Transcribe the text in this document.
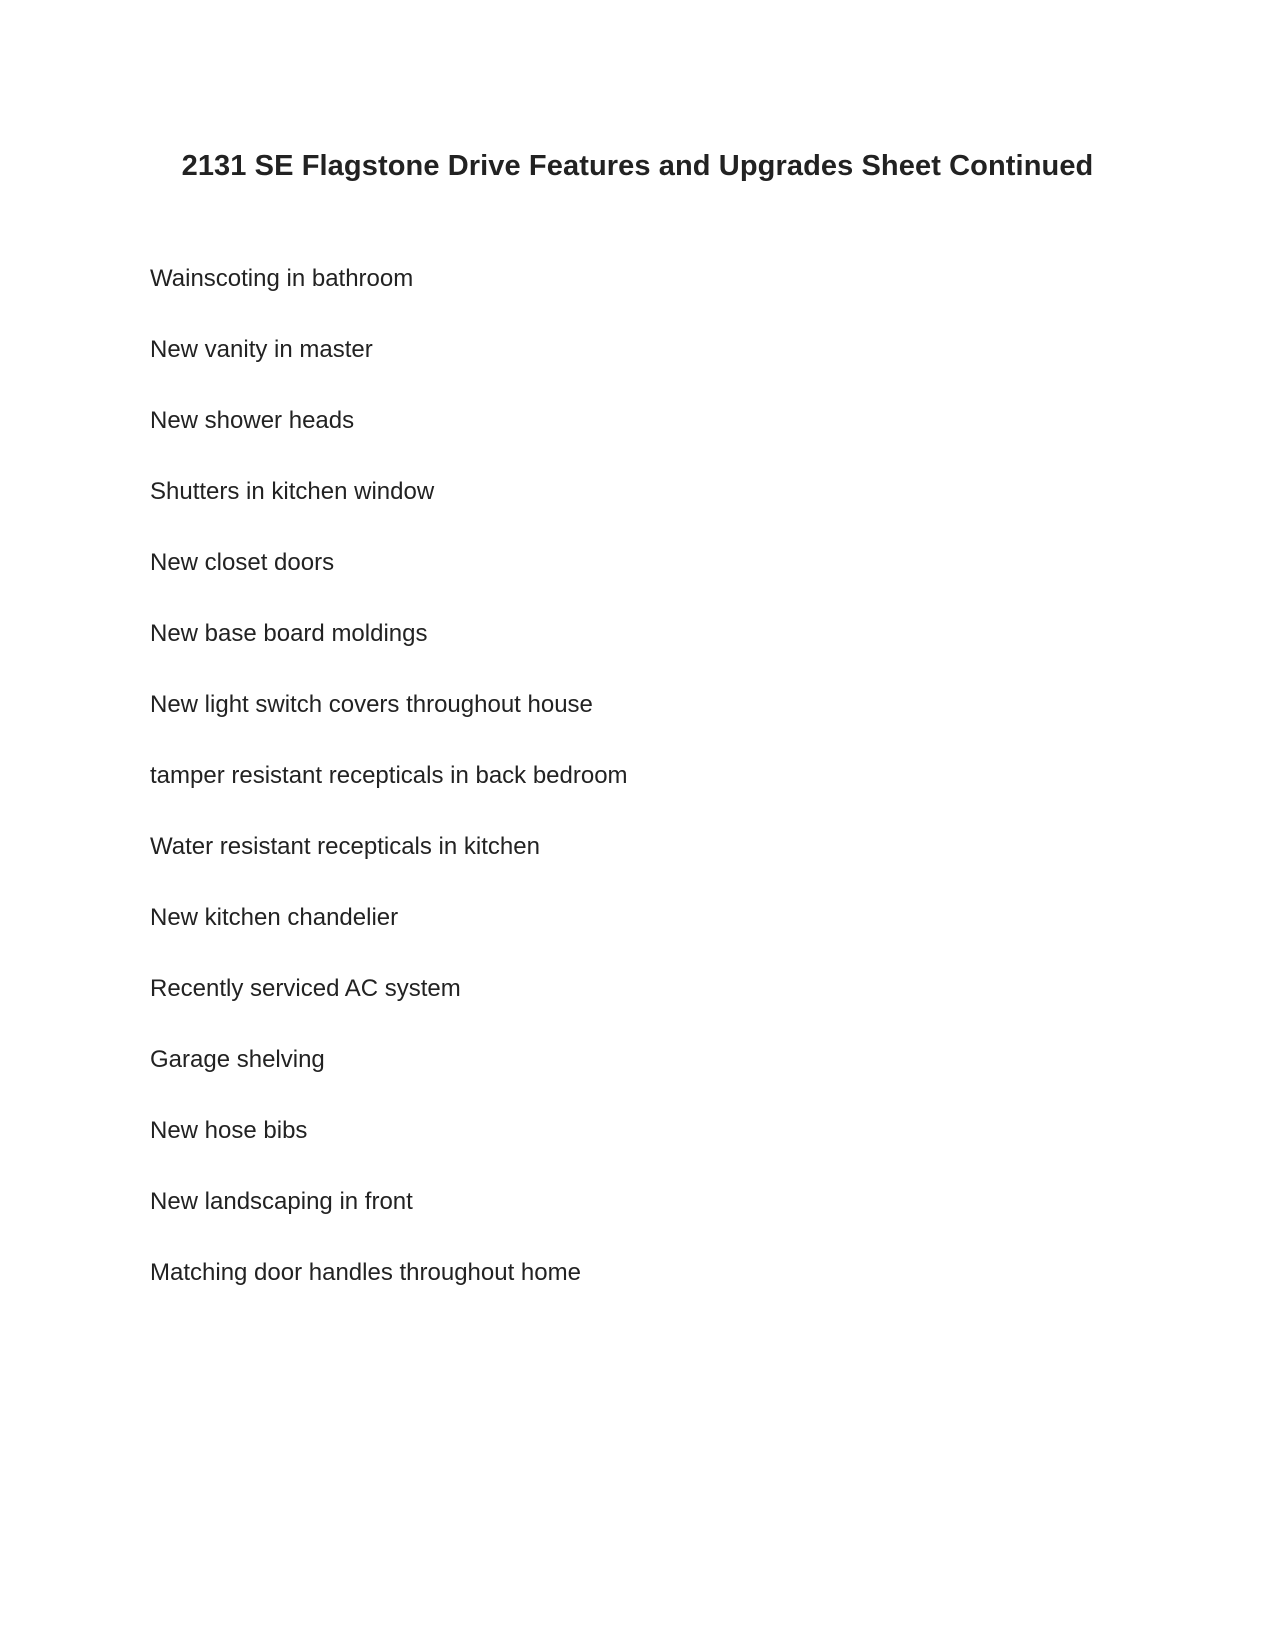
2131 SE Flagstone Drive Features and Upgrades Sheet Continued
Wainscoting in bathroom
New vanity in master
New shower heads
Shutters in kitchen window
New closet doors
New base board moldings
New light switch covers throughout house
tamper resistant recepticals in back bedroom
Water resistant recepticals in kitchen
New kitchen chandelier
Recently serviced AC system
Garage shelving
New hose bibs
New landscaping in front
Matching door handles throughout home
